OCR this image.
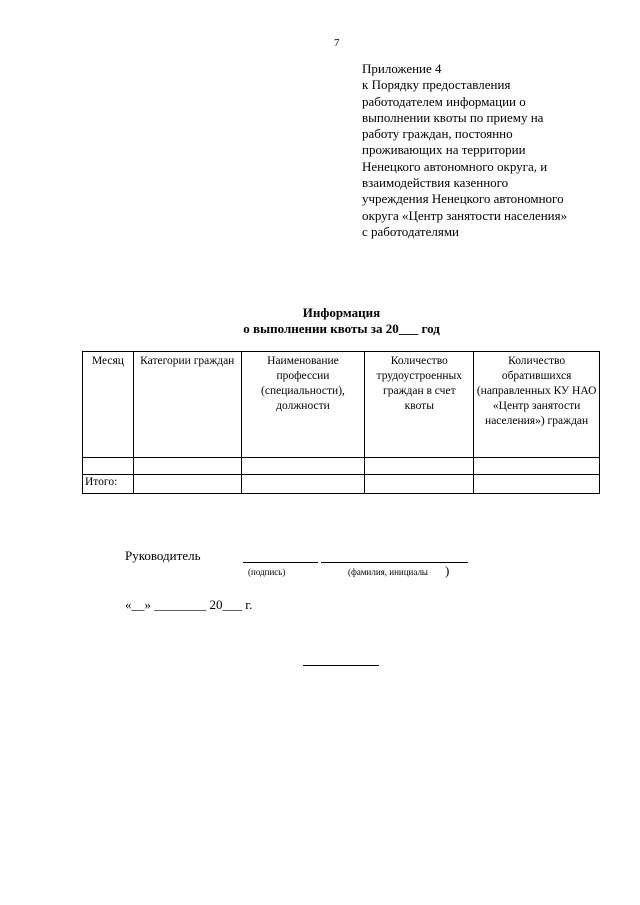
7
Приложение 4
к Порядку предоставления
работодателем информации о
выполнении квоты по приему на
работу граждан, постоянно
проживающих на территории
Ненецкого автономного округа, и
взаимодействия казенного
учреждения Ненецкого автономного
округа «Центр занятости населения»
с работодателями
Информация
о выполнении квоты за 20___ год
Месяц	Категории граждан	Наименование профессии (специальности), должности	Количество трудоустроенных граждан в счет квоты	Количество обратившихся (направленных КУ НАО «Центр занятости населения») граждан

Итого:				
Руководитель
(подпись)	(фамилия, инициалы )
«__» ________ 20___ г.
